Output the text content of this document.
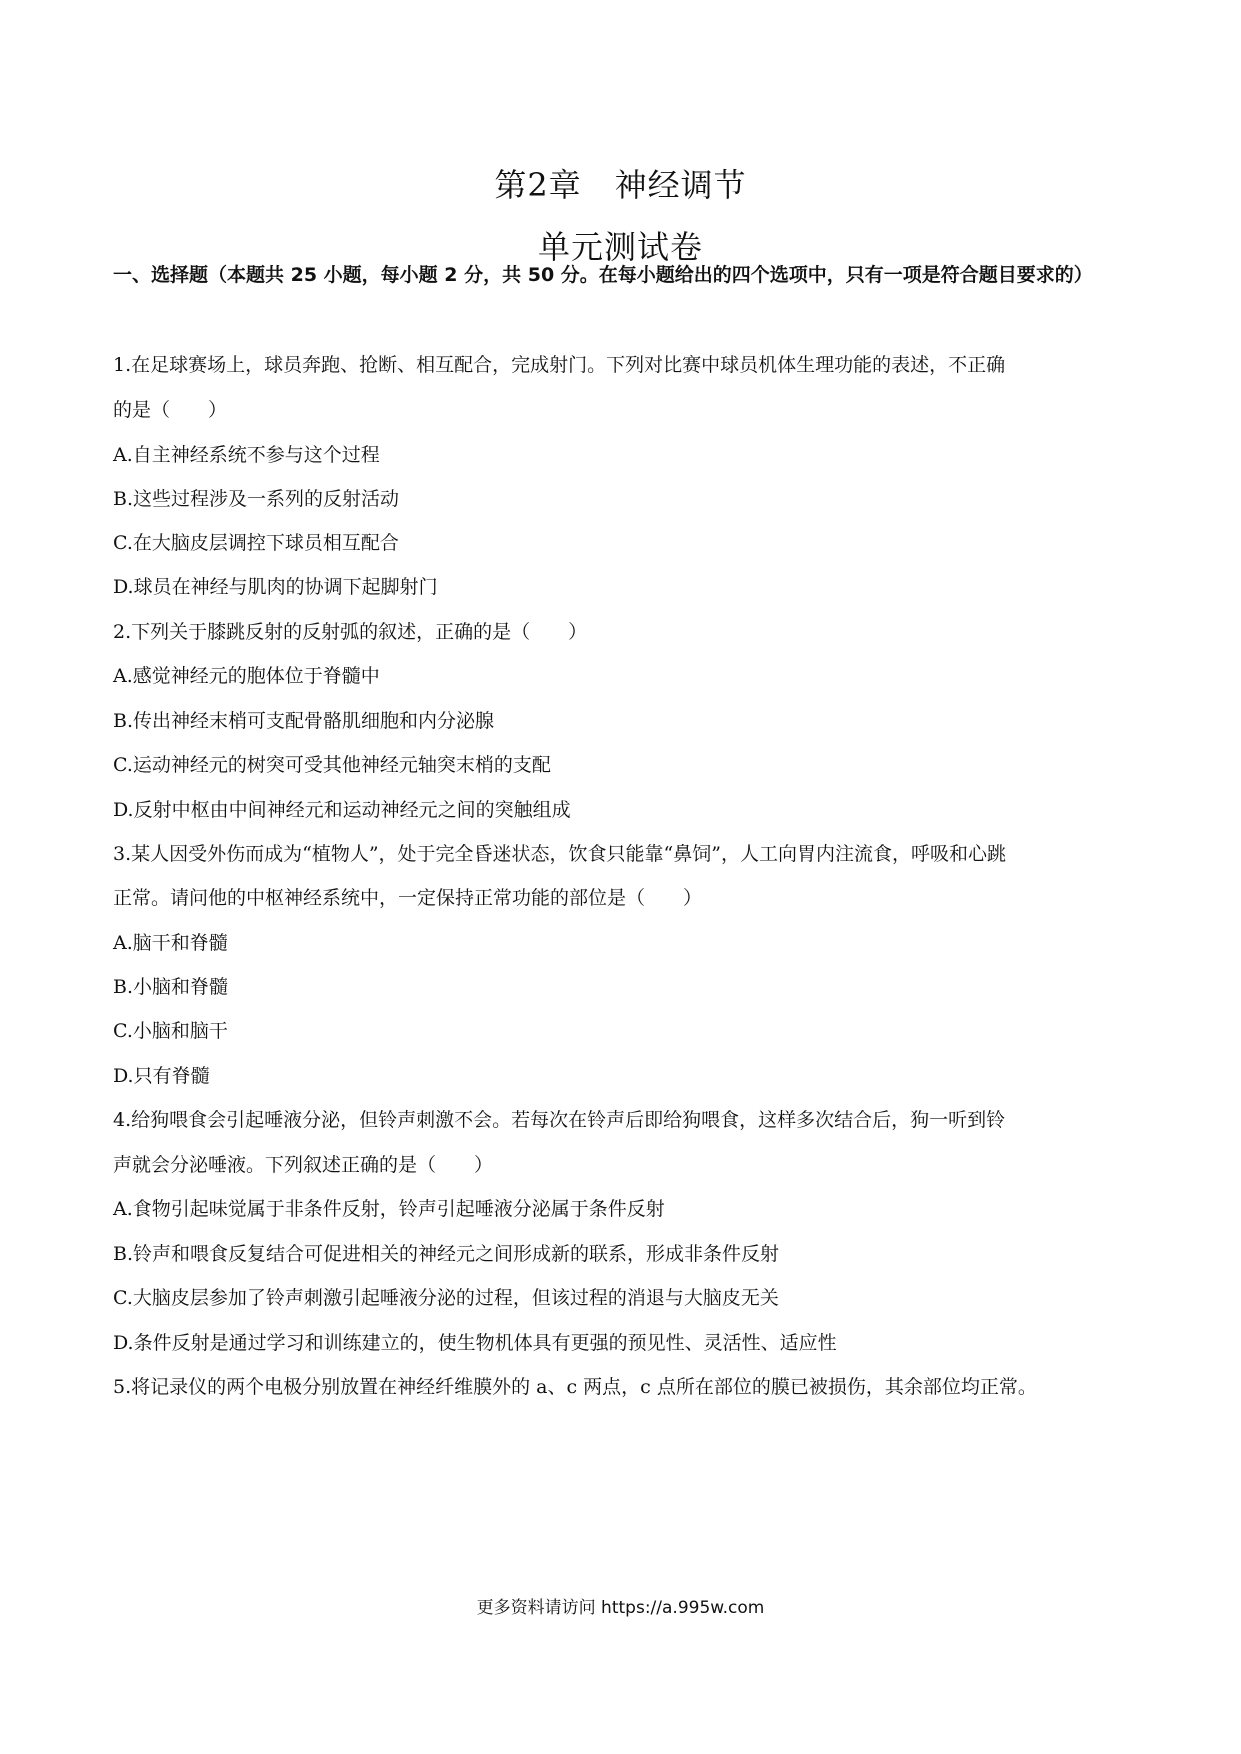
第2章　神经调节
单元测试卷
一、选择题（本题共 25 小题，每小题 2 分，共 50 分。在每小题给出的四个选项中，只有一项是符合题目要求的）
1.在足球赛场上，球员奔跑、抢断、相互配合，完成射门。下列对比赛中球员机体生理功能的表述，不正确
的是（　　）
A.自主神经系统不参与这个过程
B.这些过程涉及一系列的反射活动
C.在大脑皮层调控下球员相互配合
D.球员在神经与肌肉的协调下起脚射门
2.下列关于膝跳反射的反射弧的叙述，正确的是（　　）
A.感觉神经元的胞体位于脊髓中
B.传出神经末梢可支配骨骼肌细胞和内分泌腺
C.运动神经元的树突可受其他神经元轴突末梢的支配
D.反射中枢由中间神经元和运动神经元之间的突触组成
3.某人因受外伤而成为“植物人”，处于完全昏迷状态，饮食只能靠“鼻饲”，人工向胃内注流食，呼吸和心跳
正常。请问他的中枢神经系统中，一定保持正常功能的部位是（　　）
A.脑干和脊髓
B.小脑和脊髓
C.小脑和脑干
D.只有脊髓
4.给狗喂食会引起唾液分泌，但铃声刺激不会。若每次在铃声后即给狗喂食，这样多次结合后，狗一听到铃
声就会分泌唾液。下列叙述正确的是（　　）
A.食物引起味觉属于非条件反射，铃声引起唾液分泌属于条件反射
B.铃声和喂食反复结合可促进相关的神经元之间形成新的联系，形成非条件反射
C.大脑皮层参加了铃声刺激引起唾液分泌的过程，但该过程的消退与大脑皮无关
D.条件反射是通过学习和训练建立的，使生物机体具有更强的预见性、灵活性、适应性
5.将记录仪的两个电极分别放置在神经纤维膜外的 a、c 两点，c 点所在部位的膜已被损伤，其余部位均正常。
更多资料请访问 https://a.995w.com
